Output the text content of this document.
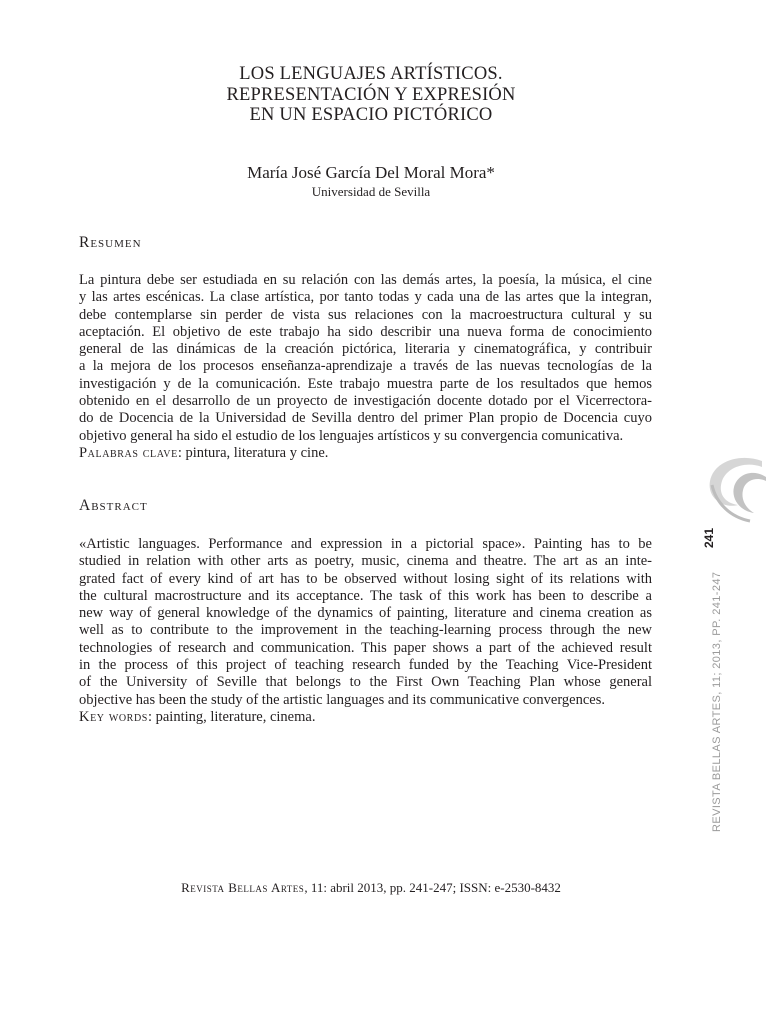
LOS LENGUAJES ARTÍSTICOS.
REPRESENTACIÓN Y EXPRESIÓN
EN UN ESPACIO PICTÓRICO
María José García Del Moral Mora*
Universidad de Sevilla
Resumen
La pintura debe ser estudiada en su relación con las demás artes, la poesía, la música, el cine
y las artes escénicas. La clase artística, por tanto todas y cada una de las artes que la integran,
debe contemplarse sin perder de vista sus relaciones con la macroestructura cultural y su
aceptación. El objetivo de este trabajo ha sido describir una nueva forma de conocimiento
general de las dinámicas de la creación pictórica, literaria y cinematográfica, y contribuir
a la mejora de los procesos enseñanza-aprendizaje a través de las nuevas tecnologías de la
investigación y de la comunicación. Este trabajo muestra parte de los resultados que hemos
obtenido en el desarrollo de un proyecto de investigación docente dotado por el Vicerrectora-
do de Docencia de la Universidad de Sevilla dentro del primer Plan propio de Docencia cuyo
objetivo general ha sido el estudio de los lenguajes artísticos y su convergencia comunicativa.
Palabras clave: pintura, literatura y cine.
Abstract
«Artistic languages. Performance and expression in a pictorial space». Painting has to be
studied in relation with other arts as poetry, music, cinema and theatre. The art as an inte-
grated fact of every kind of art has to be observed without losing sight of its relations with
the cultural macrostructure and its acceptance. The task of this work has been to describe a
new way of general knowledge of the dynamics of painting, literature and cinema creation as
well as to contribute to the improvement in the teaching-learning process through the new
technologies of research and communication. This paper shows a part of the achieved result
in the process of this project of teaching research funded by the Teaching Vice-President
of the University of Seville that belongs to the First Own Teaching Plan whose general
objective has been the study of the artistic languages and its communicative convergences.
Key words: painting, literature, cinema.
Revista Bellas Artes, 11: abril 2013, pp. 241-247; ISSN: e-2530-8432
241
REVISTA BELLAS ARTES, 11; 2013, PP. 241-247
